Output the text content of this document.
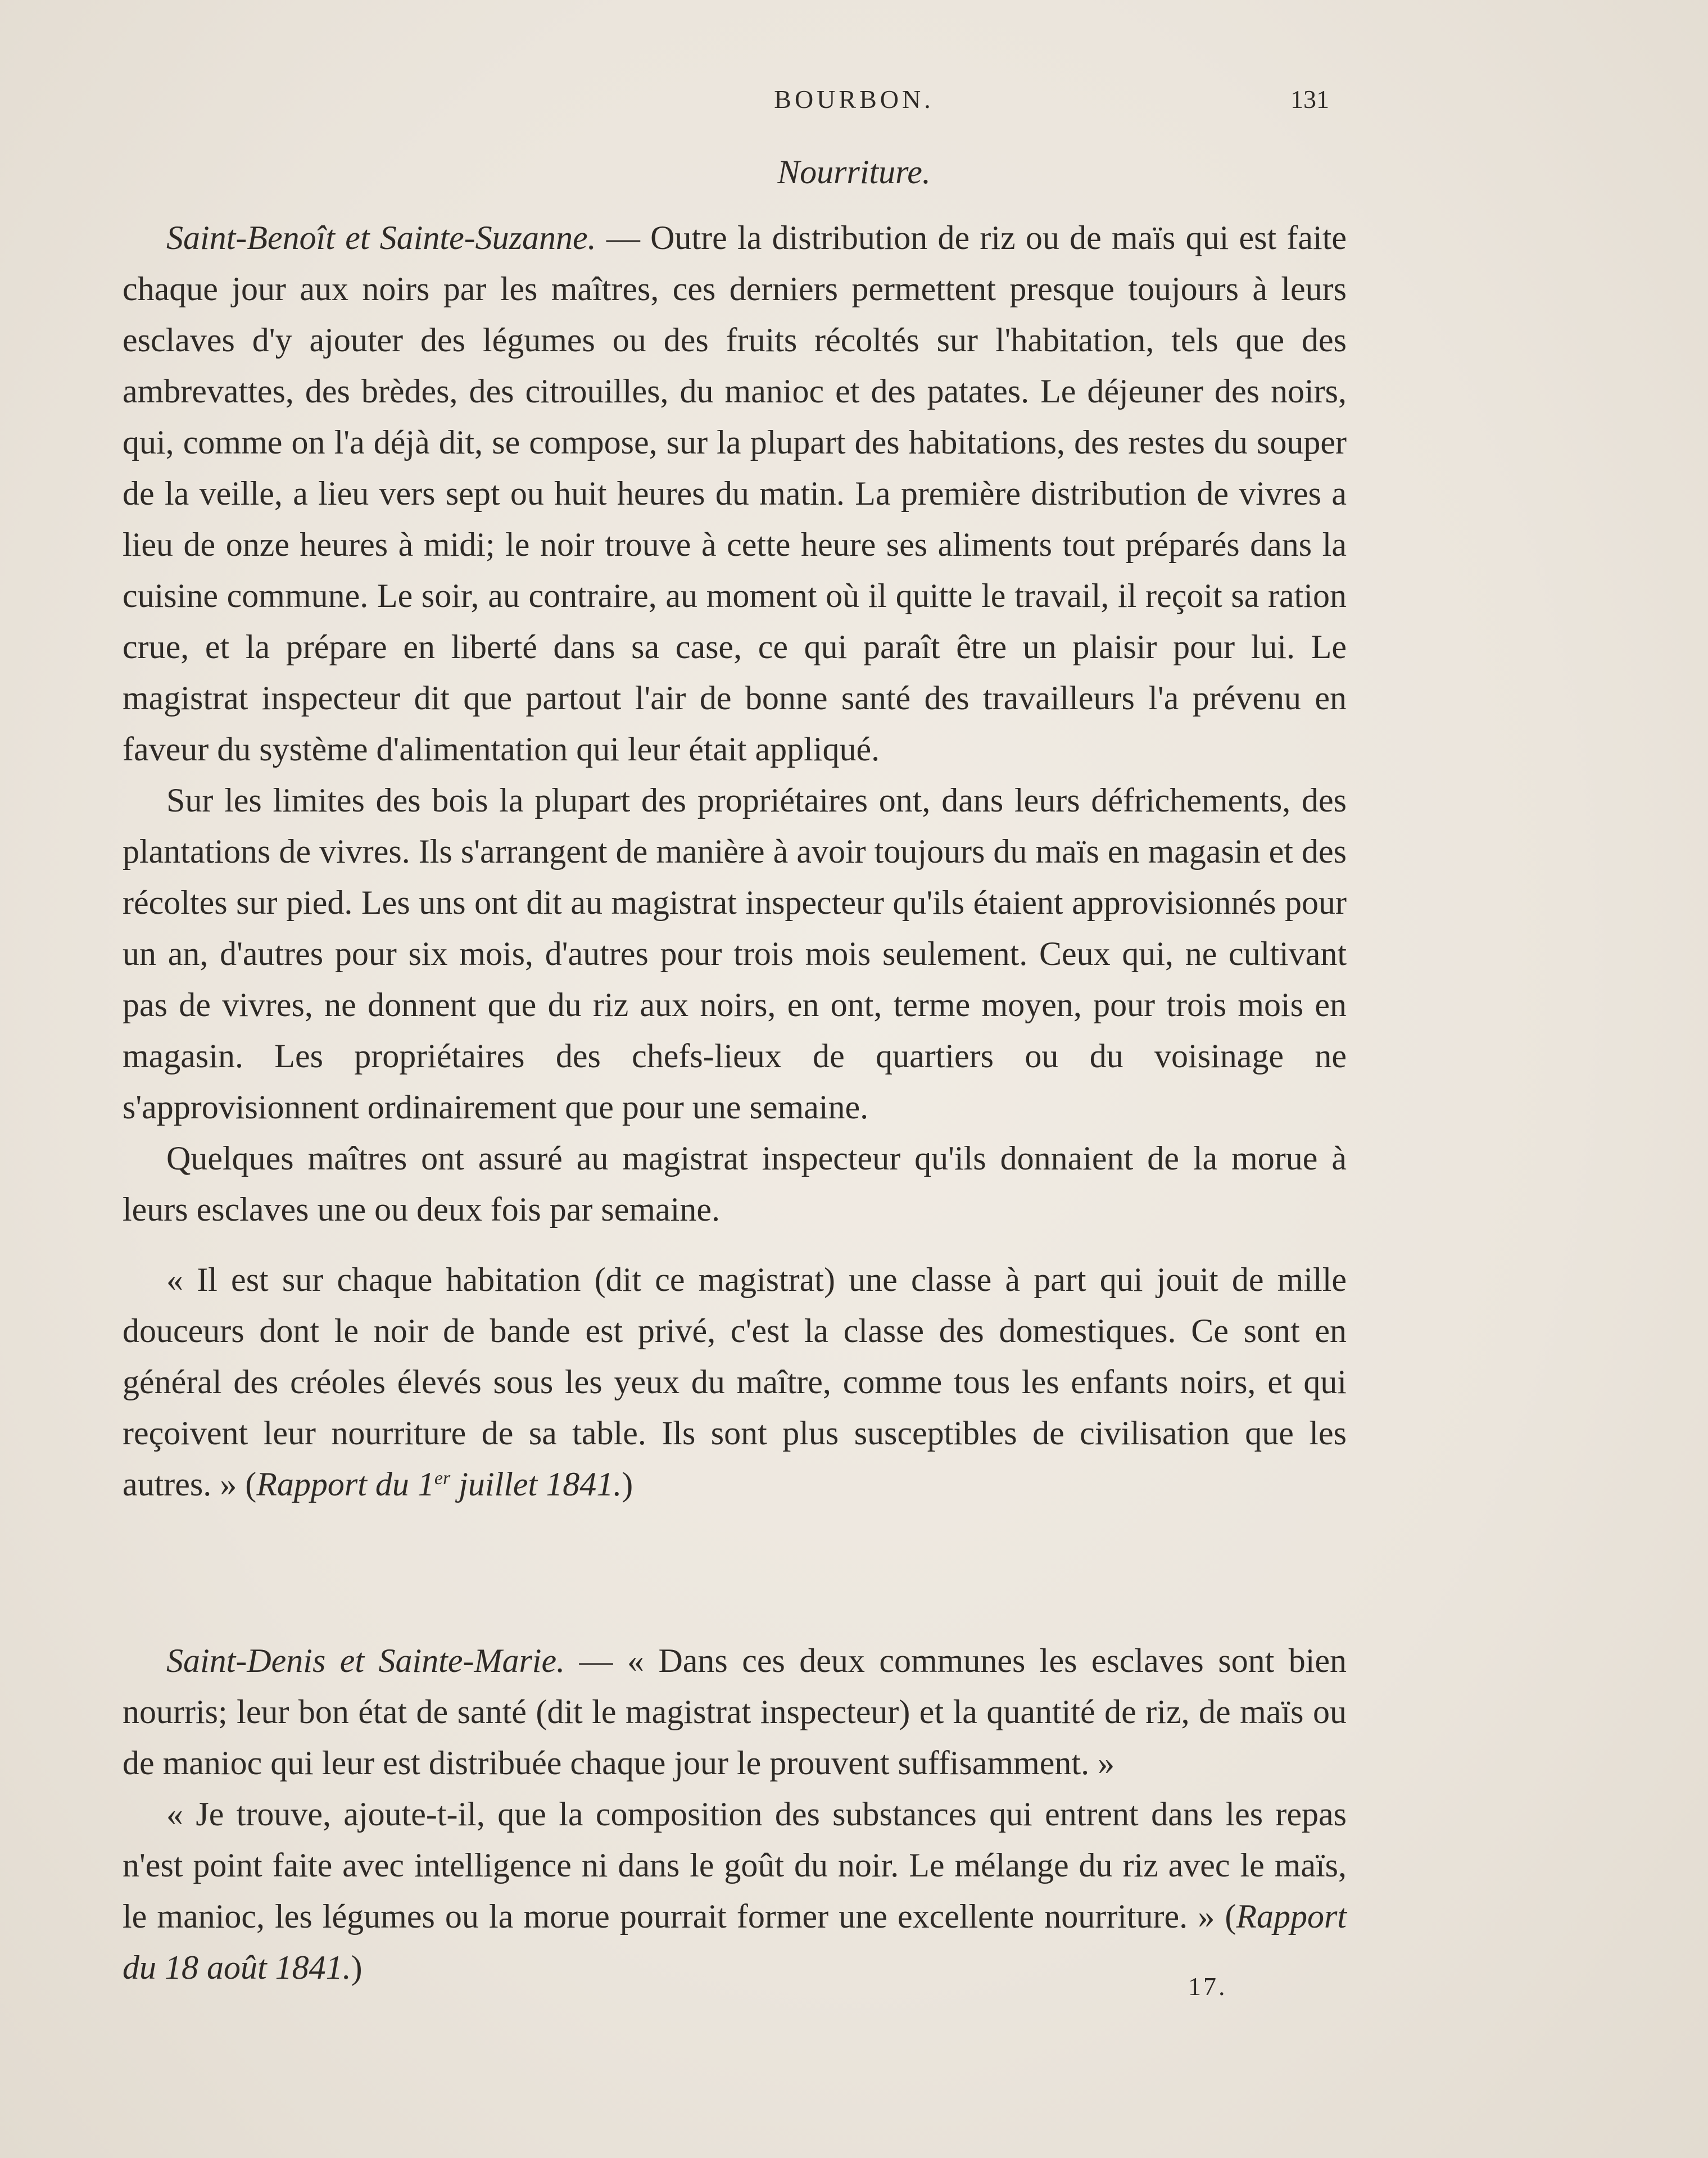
BOURBON.	131
Nourriture.

Saint-Benoît et Sainte-Suzanne. — Outre la distribution de riz ou de maïs qui est faite chaque jour aux noirs par les maîtres, ces derniers permettent presque toujours à leurs esclaves d'y ajouter des légumes ou des fruits récoltés sur l'habitation, tels que des ambrevattes, des brèdes, des citrouilles, du manioc et des patates. Le déjeuner des noirs, qui, comme on l'a déjà dit, se compose, sur la plupart des habitations, des restes du souper de la veille, a lieu vers sept ou huit heures du matin. La première distribution de vivres a lieu de onze heures à midi; le noir trouve à cette heure ses aliments tout préparés dans la cuisine commune. Le soir, au contraire, au moment où il quitte le travail, il reçoit sa ration crue, et la prépare en liberté dans sa case, ce qui paraît être un plaisir pour lui. Le magistrat inspecteur dit que partout l'air de bonne santé des travailleurs l'a prévenu en faveur du système d'alimentation qui leur était appliqué.

Sur les limites des bois la plupart des propriétaires ont, dans leurs défrichements, des plantations de vivres. Ils s'arrangent de manière à avoir toujours du maïs en magasin et des récoltes sur pied. Les uns ont dit au magistrat inspecteur qu'ils étaient approvisionnés pour un an, d'autres pour six mois, d'autres pour trois mois seulement. Ceux qui, ne cultivant pas de vivres, ne donnent que du riz aux noirs, en ont, terme moyen, pour trois mois en magasin. Les propriétaires des chefs-lieux de quartiers ou du voisinage ne s'approvisionnent ordinairement que pour une semaine.

Quelques maîtres ont assuré au magistrat inspecteur qu'ils donnaient de la morue à leurs esclaves une ou deux fois par semaine.

« Il est sur chaque habitation (dit ce magistrat) une classe à part qui jouit de mille douceurs dont le noir de bande est privé, c'est la classe des domestiques. Ce sont en général des créoles élevés sous les yeux du maître, comme tous les enfants noirs, et qui reçoivent leur nourriture de sa table. Ils sont plus susceptibles de civilisation que les autres. » (Rapport du 1er juillet 1841.)

Saint-Denis et Sainte-Marie. — « Dans ces deux communes les esclaves sont bien nourris; leur bon état de santé (dit le magistrat inspecteur) et la quantité de riz, de maïs ou de manioc qui leur est distribuée chaque jour le prouvent suffisamment. »

« Je trouve, ajoute-t-il, que la composition des substances qui entrent dans les repas n'est point faite avec intelligence ni dans le goût du noir. Le mélange du riz avec le maïs, le manioc, les légumes ou la morue pourrait former une excellente nourriture. » (Rapport du 18 août 1841.)

17.
